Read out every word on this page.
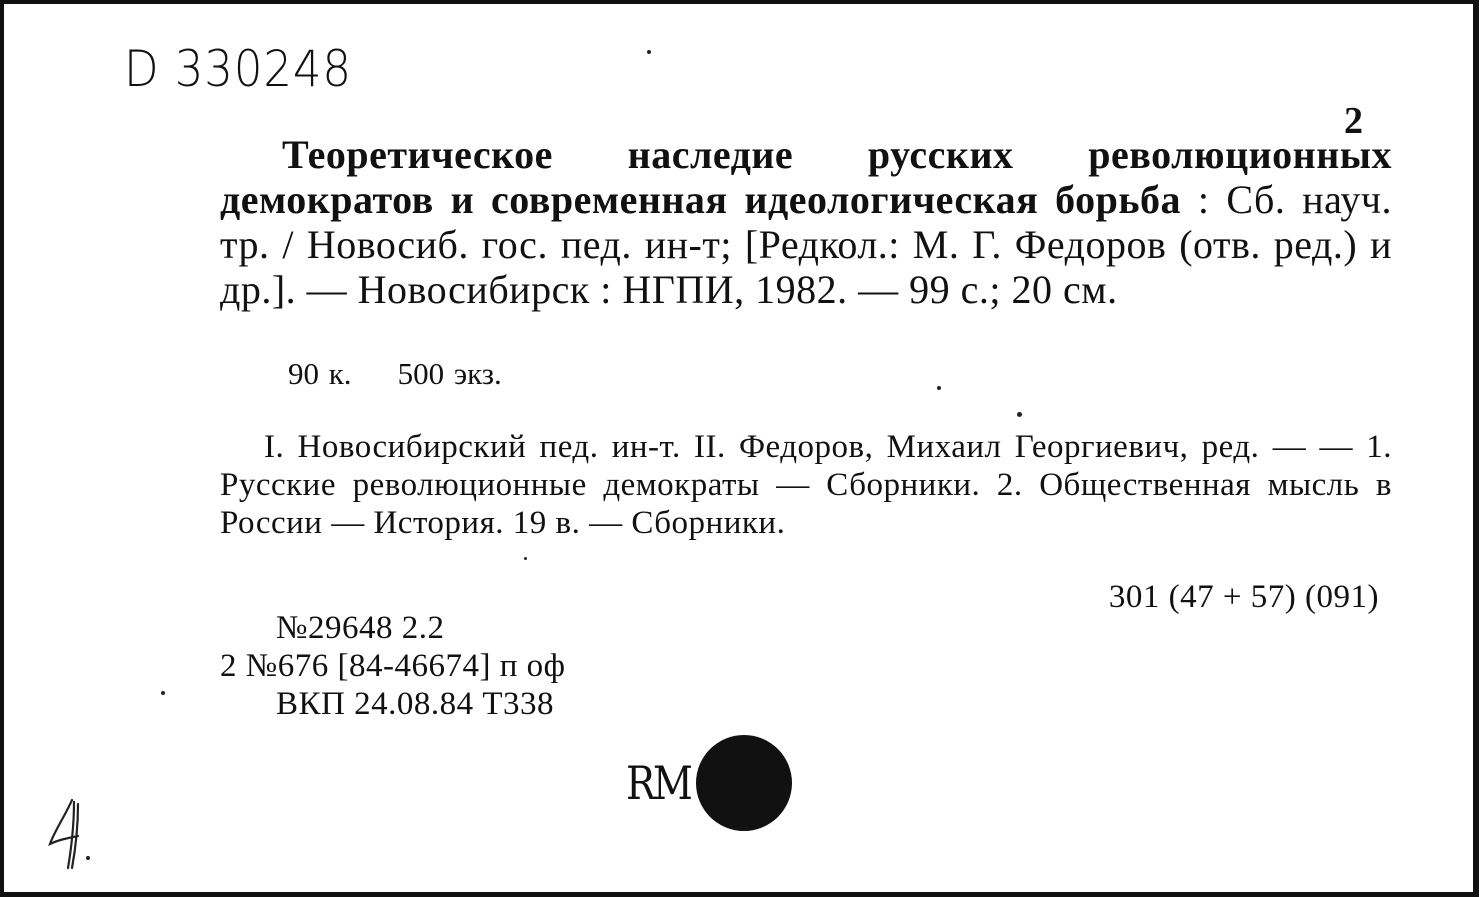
D 330248
2
Теоретическое наследие русских революционных демократов и современная идеологическая борьба : Сб. науч. тр. / Новосиб. гос. пед. ин-т; [Редкол.: М. Г. Федоров (отв. ред.) и др.]. — Новосибирск : НГПИ, 1982. — 99 с.; 20 см.
90 к. 500 экз.
I. Новосибирский пед. ин-т. II. Федоров, Михаил Георгиевич, ред. — — 1. Русские революционные демократы — Сборники. 2. Общественная мысль в России — История. 19 в. — Сборники.
301 (47 + 57) (091)
№29648 2.2
2 №676 [84-46674] п оф
ВКП 24.08.84 Т338
RM
